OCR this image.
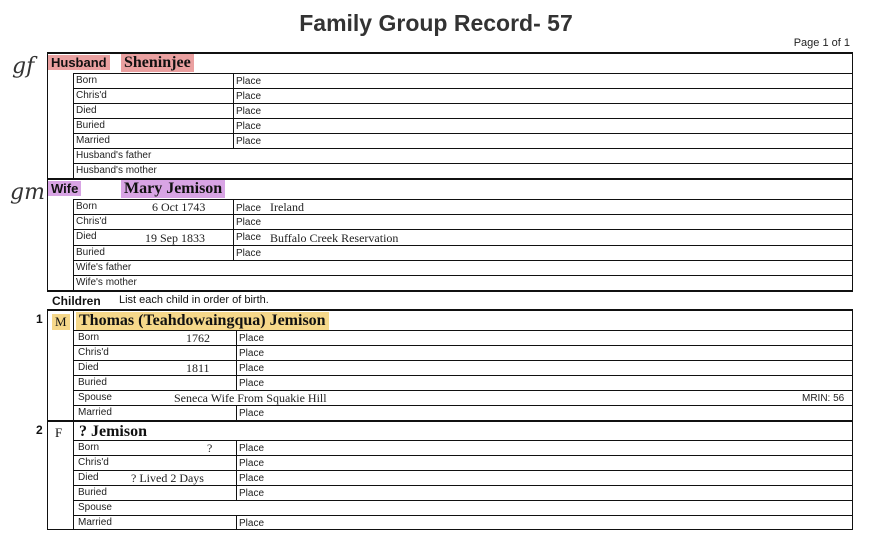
Family Group Record- 57
Page 1 of 1
gf
gm
Husband Sheninjee
Born	Place
Chris'd	Place
Died	Place
Buried	Place
Married	Place
Husband's father
Husband's mother
Wife	Mary Jemison
Born	6 Oct 1743	Place Ireland
Chris'd	Place
Died	19 Sep 1833	Place Buffalo Creek Reservation
Buried	Place
Wife's father
Wife's mother
Children List each child in order of birth.
1 M Thomas (Teahdowaingqua) Jemison
Born	1762	Place
Chris'd	Place
Died	1811	Place
Buried	Place
Spouse	Seneca Wife From Squakie Hill	MRIN: 56
Married	Place
2 F ? Jemison
Born	?	Place
Chris'd	Place
Died	? Lived 2 Days	Place
Buried	Place
Spouse
Married	Place
